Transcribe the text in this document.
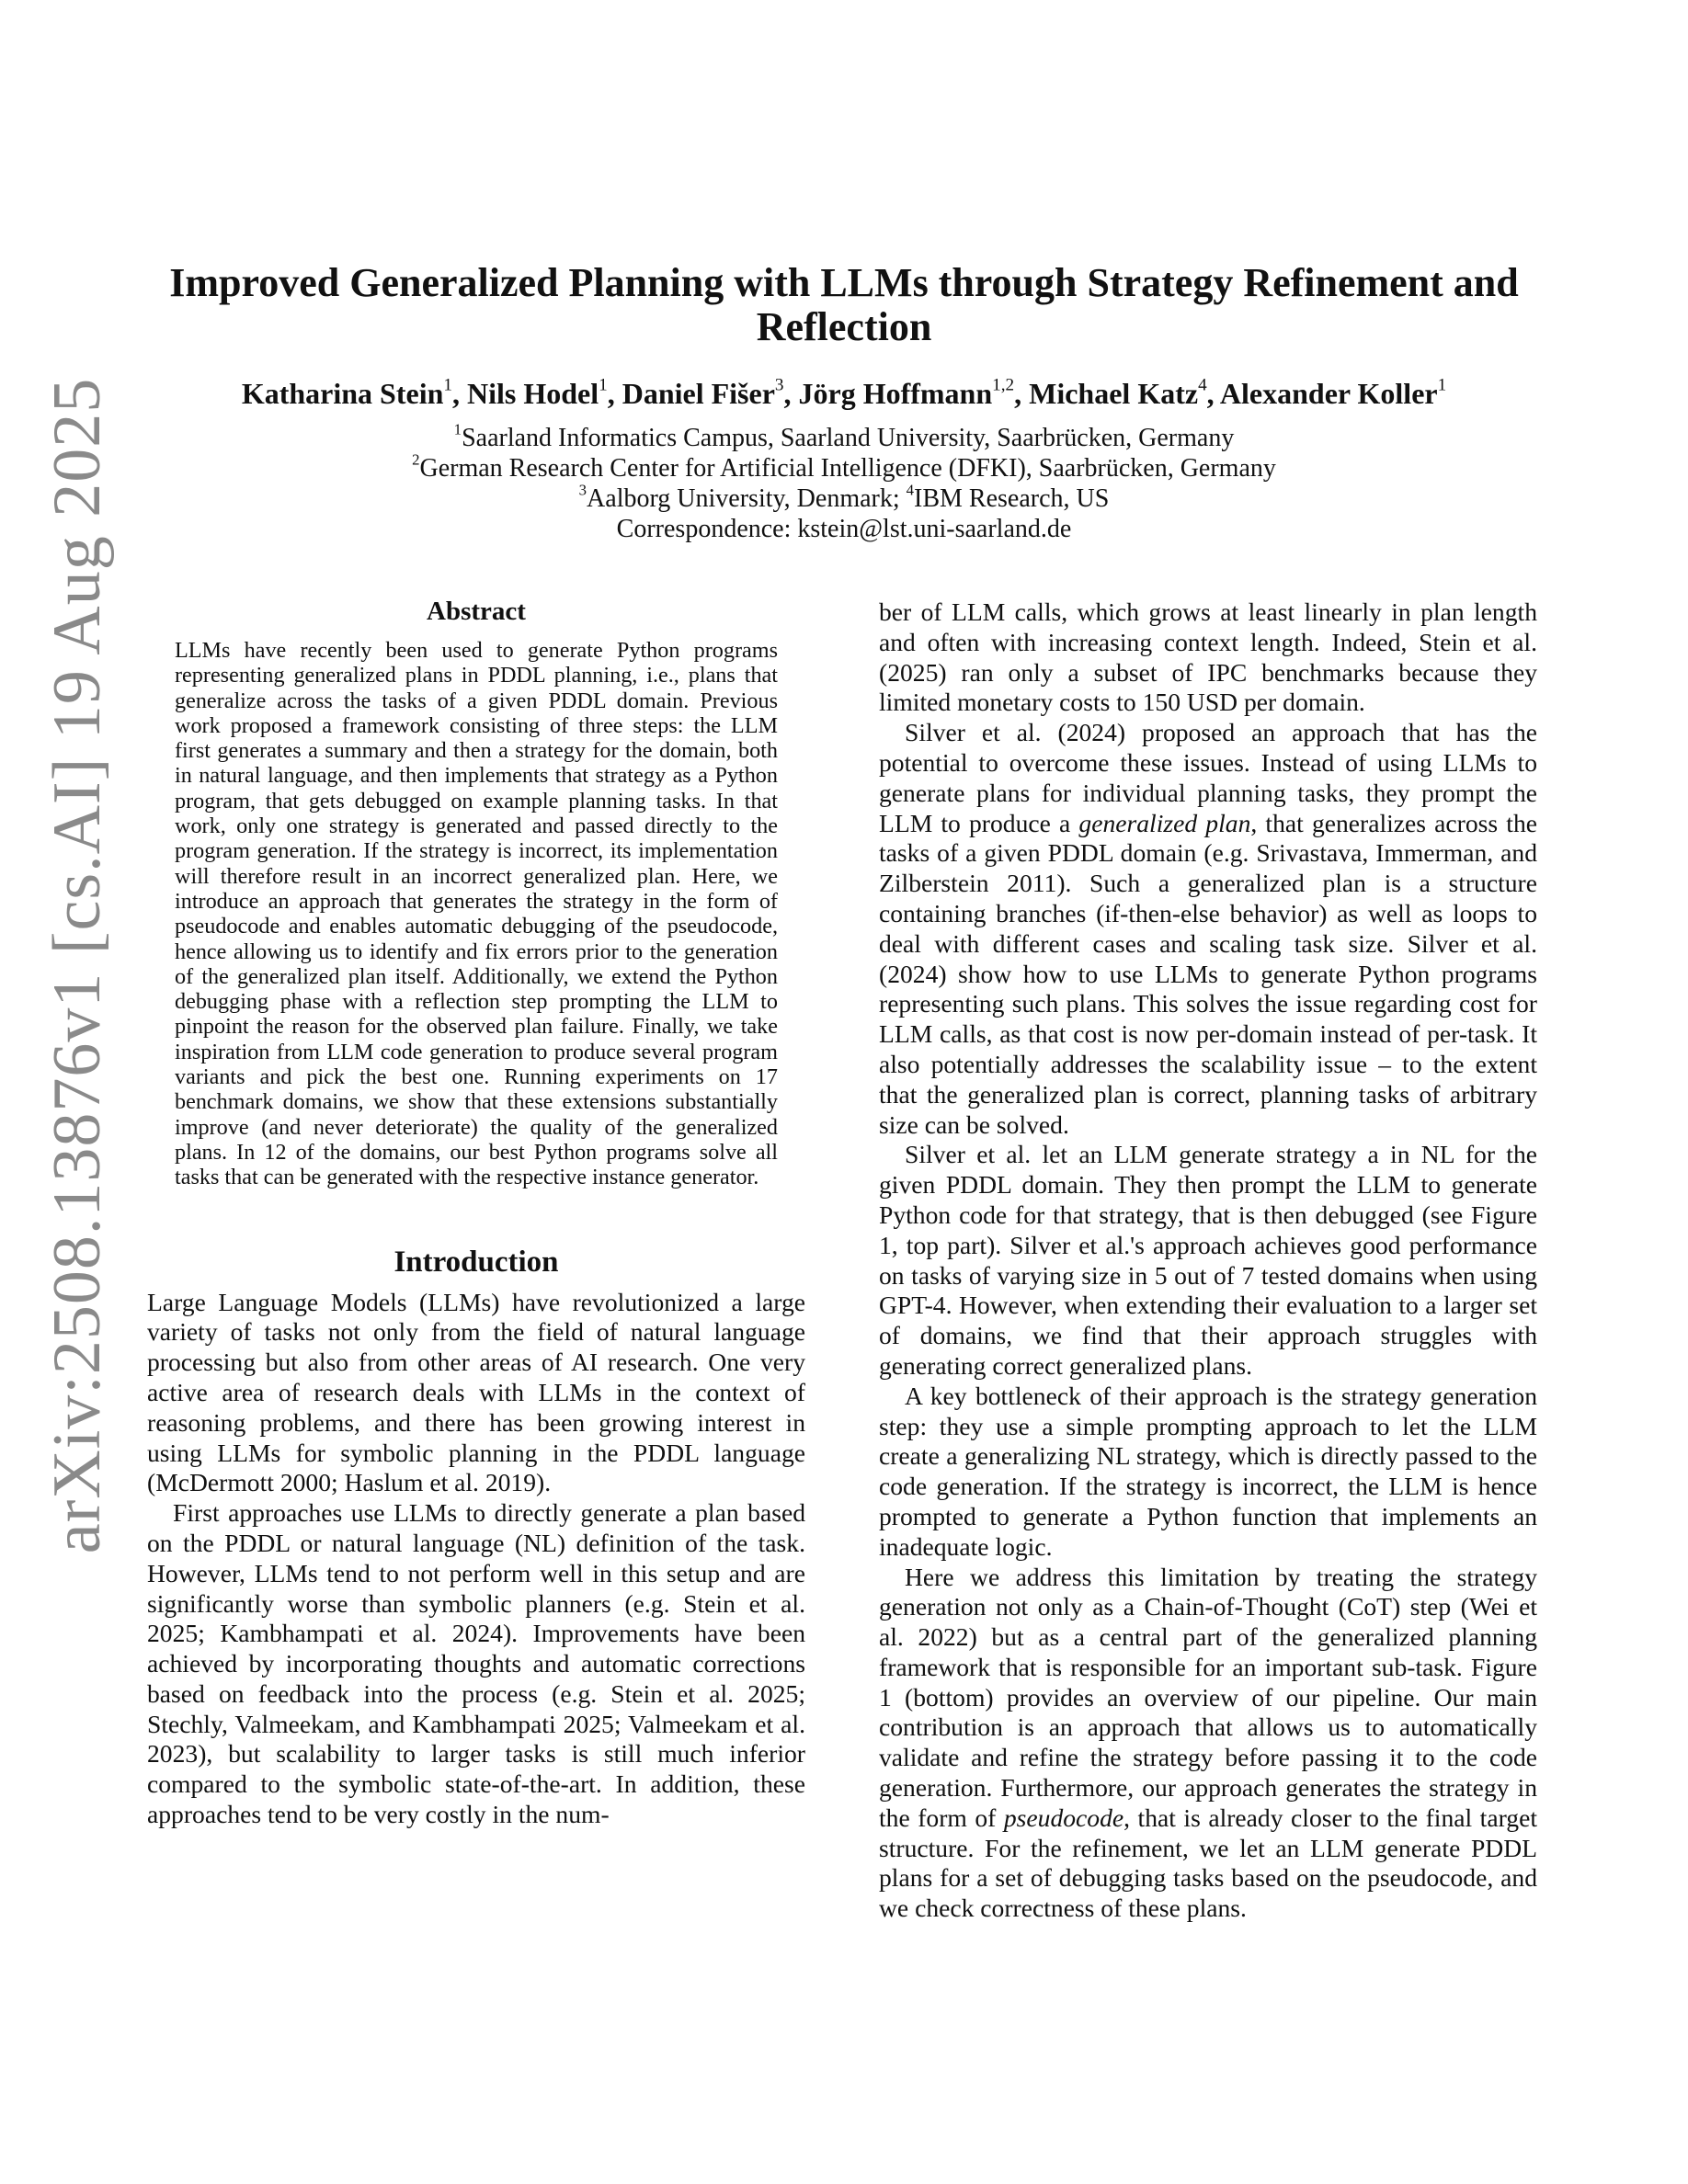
arXiv:2508.13876v1 [cs.AI] 19 Aug 2025
Improved Generalized Planning with LLMs through Strategy Refinement and Reflection
Katharina Stein$^1$, Nils Hodel$^1$, Daniel Fišer$^3$, Jörg Hoffmann$^{1,2}$, Michael Katz$^4$, Alexander Koller$^1$
$^1$Saarland Informatics Campus, Saarland University, Saarbrücken, Germany
$^2$German Research Center for Artificial Intelligence (DFKI), Saarbrücken, Germany
$^3$Aalborg University, Denmark; $^4$IBM Research, US
Correspondence: kstein@lst.uni-saarland.de
Abstract

LLMs have recently been used to generate Python programs representing generalized plans in PDDL planning, i.e., plans that generalize across the tasks of a given PDDL domain. Previous work proposed a framework consisting of three steps: the LLM first generates a summary and then a strategy for the domain, both in natural language, and then implements that strategy as a Python program, that gets debugged on example planning tasks. In that work, only one strategy is generated and passed directly to the program generation. If the strategy is incorrect, its implementation will therefore result in an incorrect generalized plan. Here, we introduce an approach that generates the strategy in the form of pseudocode and enables automatic debugging of the pseudocode, hence allowing us to identify and fix errors prior to the generation of the generalized plan itself. Additionally, we extend the Python debugging phase with a reflection step prompting the LLM to pinpoint the reason for the observed plan failure. Finally, we take inspiration from LLM code generation to produce several program variants and pick the best one. Running experiments on 17 benchmark domains, we show that these extensions substantially improve (and never deteriorate) the quality of the generalized plans. In 12 of the domains, our best Python programs solve all tasks that can be generated with the respective instance generator.

Introduction

Large Language Models (LLMs) have revolutionized a large variety of tasks not only from the field of natural language processing but also from other areas of AI research. One very active area of research deals with LLMs in the context of reasoning problems, and there has been growing interest in using LLMs for symbolic planning in the PDDL language (McDermott 2000; Haslum et al. 2019).

First approaches use LLMs to directly generate a plan based on the PDDL or natural language (NL) definition of the task. However, LLMs tend to not perform well in this setup and are significantly worse than symbolic planners (e.g. Stein et al. 2025; Kambhampati et al. 2024). Improvements have been achieved by incorporating thoughts and automatic corrections based on feedback into the process (e.g. Stein et al. 2025; Stechly, Valmeekam, and Kambhampati 2025; Valmeekam et al. 2023), but scalability to larger tasks is still much inferior compared to the symbolic state-of-the-art. In addition, these approaches tend to be very costly in the num-

ber of LLM calls, which grows at least linearly in plan length and often with increasing context length. Indeed, Stein et al. (2025) ran only a subset of IPC benchmarks because they limited monetary costs to 150 USD per domain.

Silver et al. (2024) proposed an approach that has the potential to overcome these issues. Instead of using LLMs to generate plans for individual planning tasks, they prompt the LLM to produce a generalized plan, that generalizes across the tasks of a given PDDL domain (e.g. Srivastava, Immerman, and Zilberstein 2011). Such a generalized plan is a structure containing branches (if-then-else behavior) as well as loops to deal with different cases and scaling task size. Silver et al. (2024) show how to use LLMs to generate Python programs representing such plans. This solves the issue regarding cost for LLM calls, as that cost is now per-domain instead of per-task. It also potentially addresses the scalability issue – to the extent that the generalized plan is correct, planning tasks of arbitrary size can be solved.

Silver et al. let an LLM generate strategy a in NL for the given PDDL domain. They then prompt the LLM to generate Python code for that strategy, that is then debugged (see Figure 1, top part). Silver et al.'s approach achieves good performance on tasks of varying size in 5 out of 7 tested domains when using GPT-4. However, when extending their evaluation to a larger set of domains, we find that their approach struggles with generating correct generalized plans.

A key bottleneck of their approach is the strategy generation step: they use a simple prompting approach to let the LLM create a generalizing NL strategy, which is directly passed to the code generation. If the strategy is incorrect, the LLM is hence prompted to generate a Python function that implements an inadequate logic.

Here we address this limitation by treating the strategy generation not only as a Chain-of-Thought (CoT) step (Wei et al. 2022) but as a central part of the generalized planning framework that is responsible for an important sub-task. Figure 1 (bottom) provides an overview of our pipeline. Our main contribution is an approach that allows us to automatically validate and refine the strategy before passing it to the code generation. Furthermore, our approach generates the strategy in the form of pseudocode, that is already closer to the final target structure. For the refinement, we let an LLM generate PDDL plans for a set of debugging tasks based on the pseudocode, and we check correctness of these plans.
